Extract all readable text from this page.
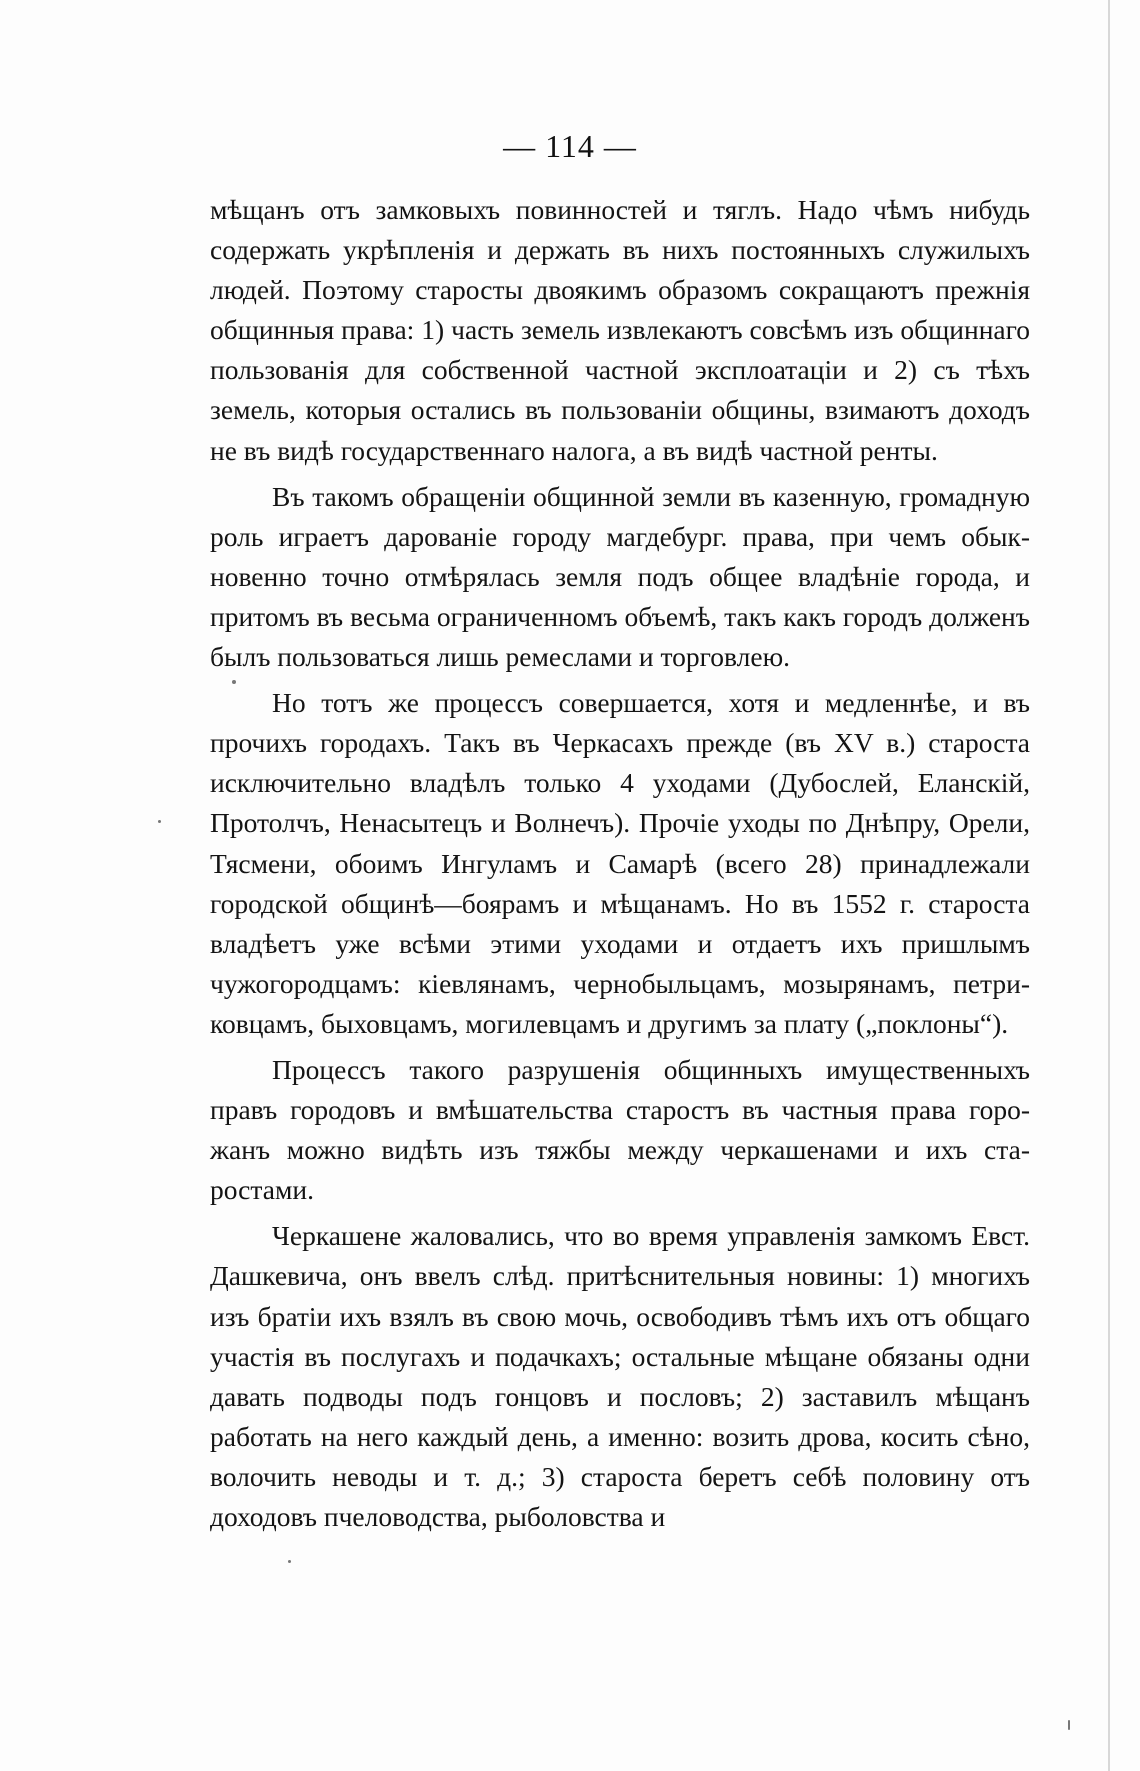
— 114 —

мѣщанъ отъ замковыхъ повинностей и тяглъ. Надо чѣмъ нибудь содержать укрѣпленія и держать въ нихъ постоянныхъ служилыхъ людей. Поэтому старосты двоякимъ образомъ сокращаютъ прежнія общинныя права: 1) часть земель извлекаютъ совсѣмъ изъ общиннаго пользованія для собственной частной эксплоатаціи и 2) съ тѣхъ земель, которыя остались въ пользованіи общины, взимаютъ доходъ не въ видѣ государственнаго налога, а въ видѣ частной ренты.

Въ такомъ обращеніи общинной земли въ казенную, громадную роль играетъ дарованіе городу магдебург. права, при чемъ обыкновенно точно отмѣрялась земля подъ общее владѣніе города, и притомъ въ весьма ограниченномъ объемѣ, такъ какъ городъ долженъ былъ пользоваться лишь ремеслами и торговлею.

Но тотъ же процессъ совершается, хотя и медленнѣе, и въ прочихъ городахъ. Такъ въ Черкасахъ прежде (въ XV в.) староста исключительно владѣлъ только 4 уходами (Дубослей, Еланскій, Протолчъ, Ненасытецъ и Волнечъ). Прочіе уходы по Днѣпру, Орели, Тясмени, обоимъ Ингуламъ и Самарѣ (всего 28) принадлежали городской общинѣ—боярамъ и мѣщанамъ. Но въ 1552 г. староста владѣетъ уже всѣми этими уходами и отдаетъ ихъ пришлымъ чужогородцамъ: кіевлянамъ, чернобыльцамъ, мозырянамъ, петриковцамъ, быховцамъ, могилевцамъ и другимъ за плату („поклоны“).

Процессъ такого разрушенія общинныхъ имущественныхъ правъ городовъ и вмѣшательства старостъ въ частныя права горожанъ можно видѣть изъ тяжбы между черкашенами и ихъ старостами.

Черкашене жаловались, что во время управленія замкомъ Евст. Дашкевича, онъ ввелъ слѣд. притѣснительныя новины: 1) многихъ изъ братіи ихъ взялъ въ свою мочь, освободивъ тѣмъ ихъ отъ общаго участія въ послугахъ и подачкахъ; остальные мѣщане обязаны одни давать подводы подъ гонцовъ и пословъ; 2) заставилъ мѣщанъ работать на него каждый день, а именно: возить дрова, косить сѣно, волочить неводы и т. д.; 3) староста беретъ себѣ половину отъ доходовъ пчеловодства, рыболовства и
